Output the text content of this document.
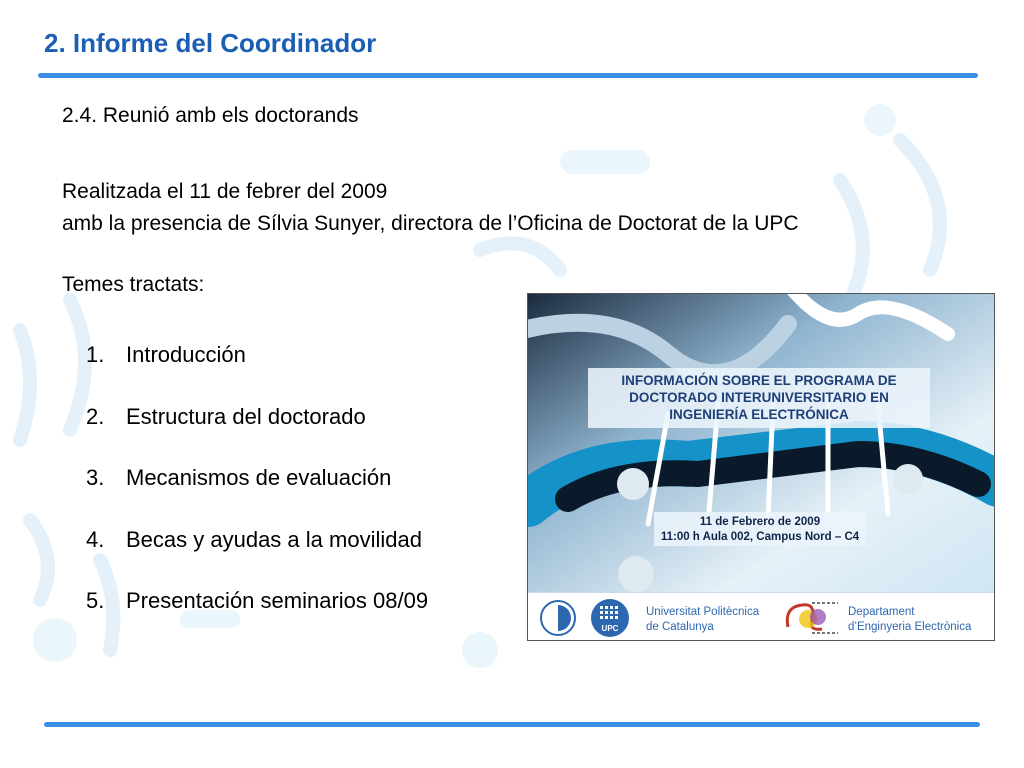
2. Informe del Coordinador

2.4. Reunió amb els doctorands

Realitzada el 11 de febrer del 2009

amb la presencia de Sílvia Sunyer, directora de l’Oficina de Doctorat de la UPC

Temes tractats:

1. Introducción
2. Estructura del doctorado
3. Mecanismos de evaluación
4. Becas y ayudas a la movilidad
5. Presentación seminarios 08/09
INFORMACIÓN SOBRE EL PROGRAMA DE
DOCTORADO INTERUNIVERSITARIO EN
INGENIERÍA ELECTRÓNICA
11 de Febrero de 2009
11:00 h Aula 002, Campus Nord – C4
UPC
Universitat Politècnica
de Catalunya
Departament
d’Enginyeria Electrònica
